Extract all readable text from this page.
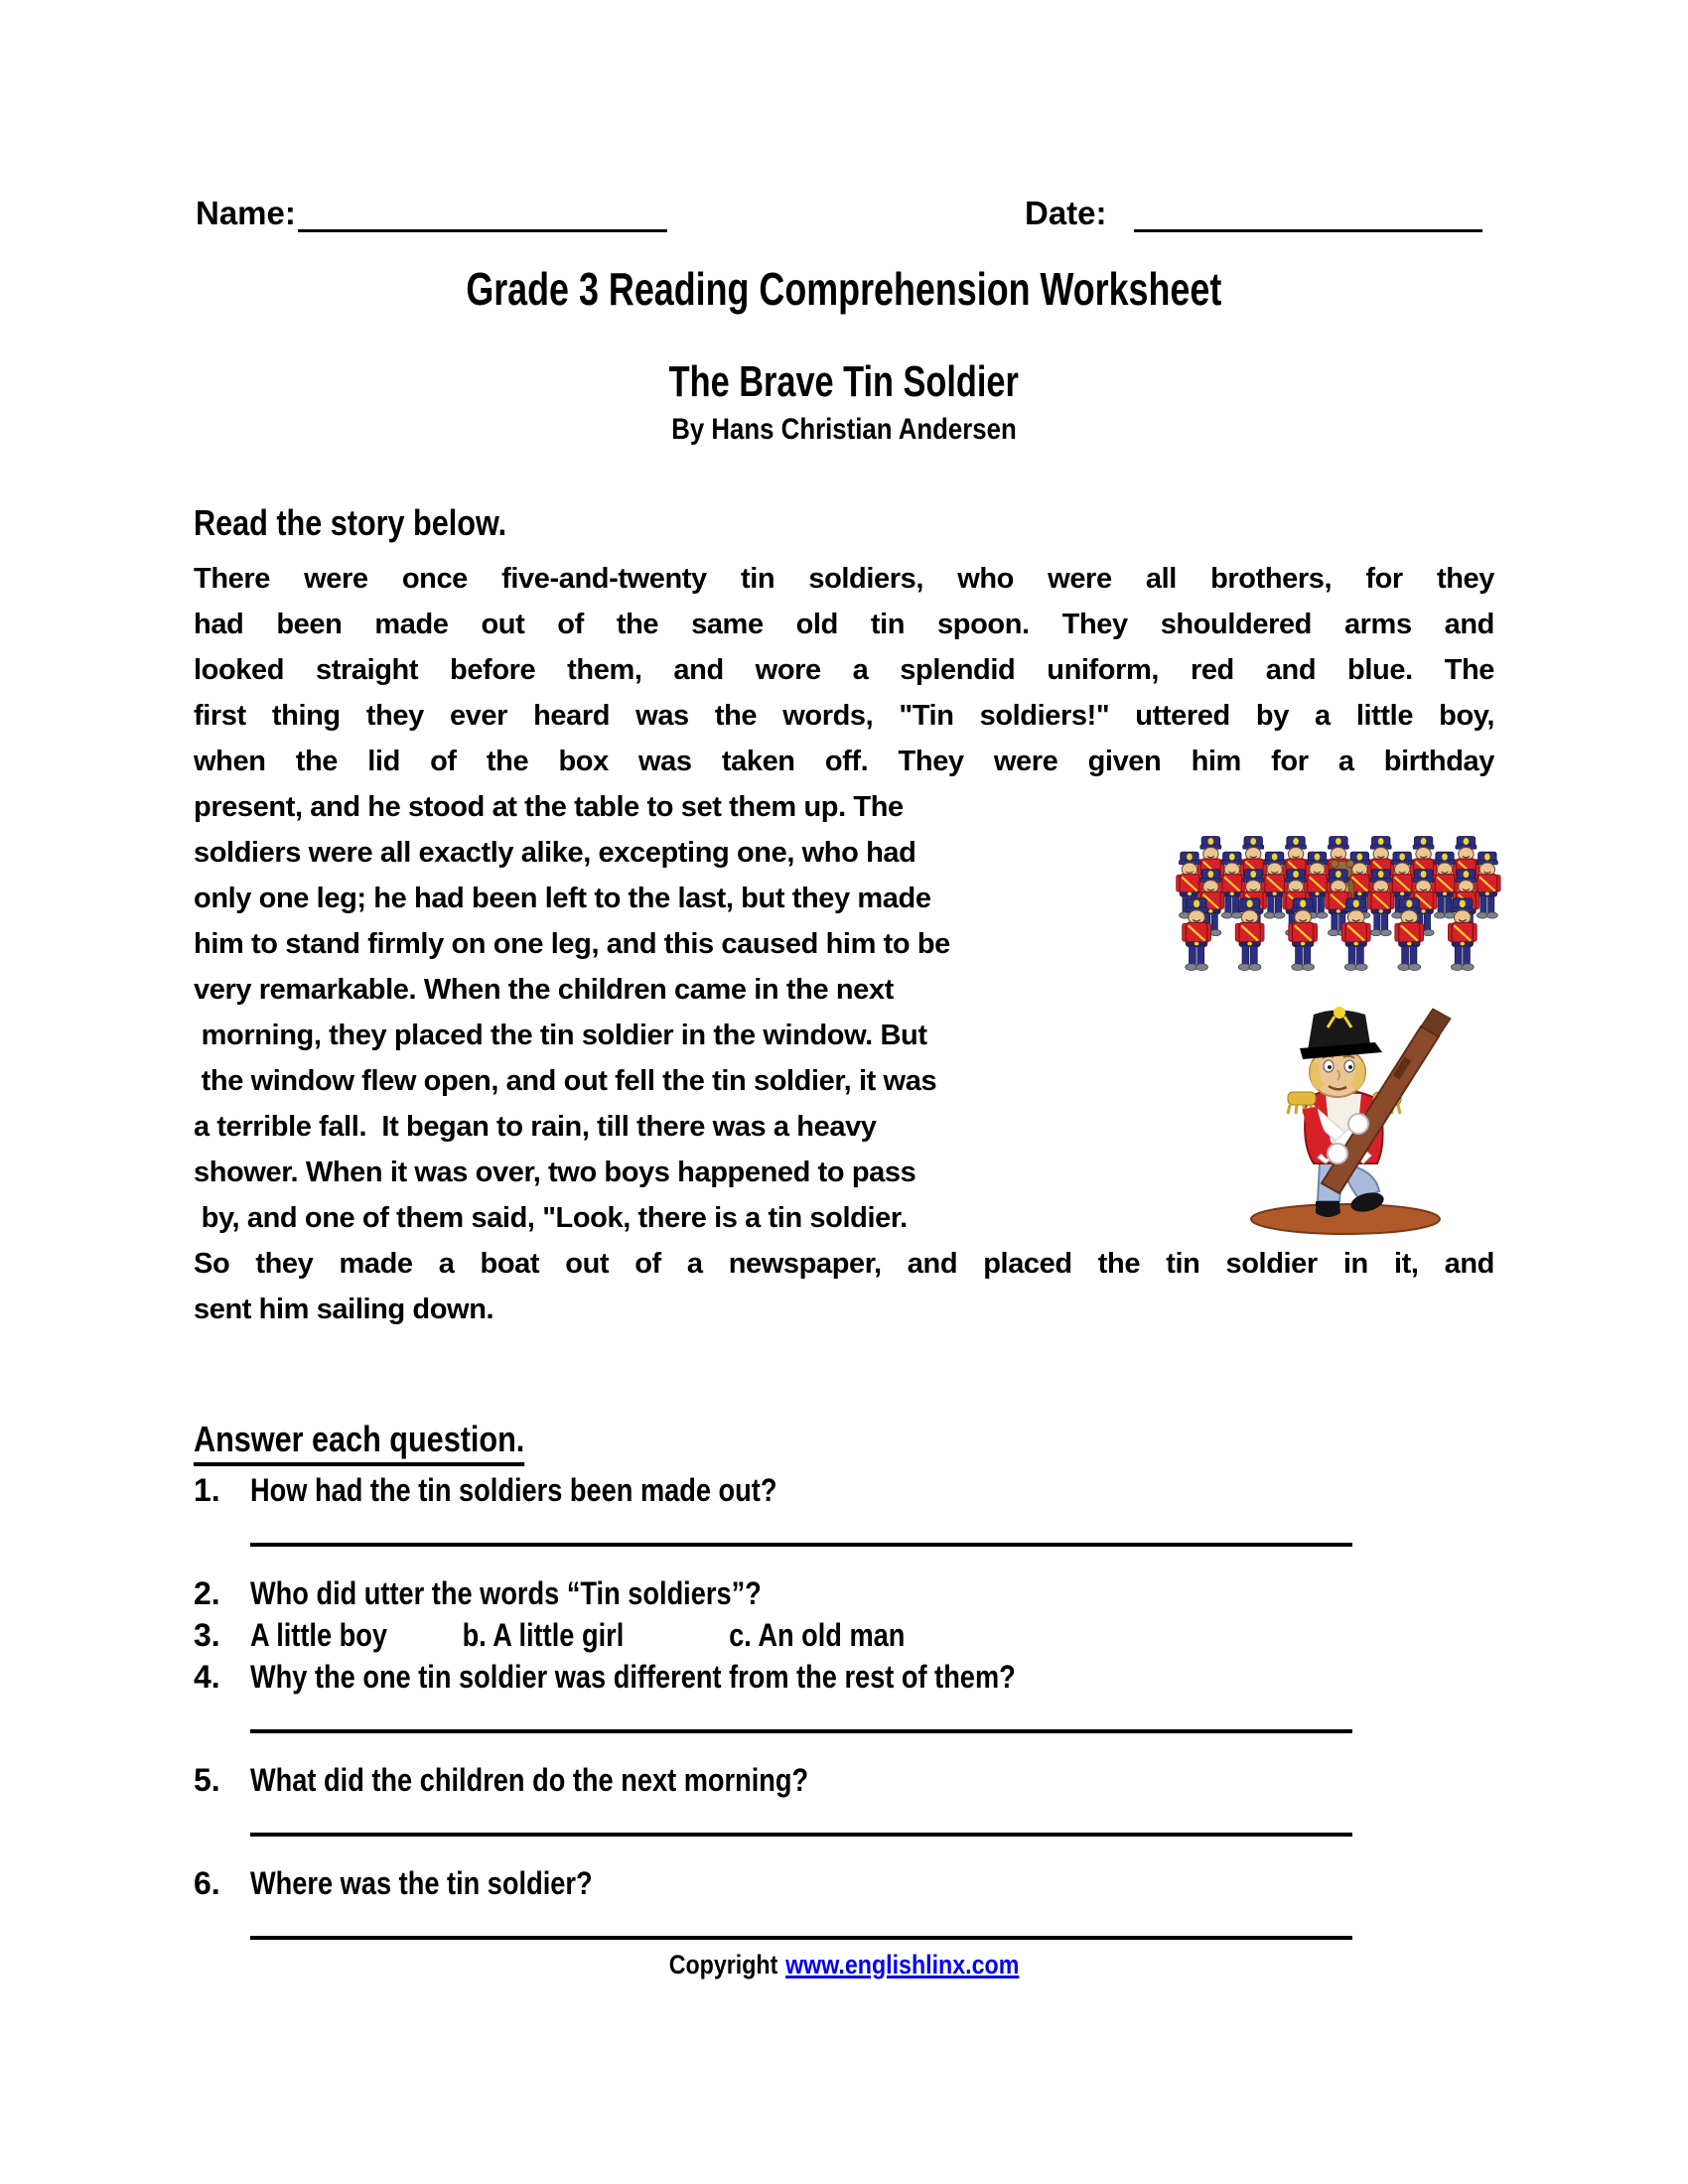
Name:	Date:
Grade 3 Reading Comprehension Worksheet
The Brave Tin Soldier
By Hans Christian Andersen
Read the story below.
There were once five-and-twenty tin soldiers, who were all brothers, for they
had been made out of the same old tin spoon. They shouldered arms and
looked straight before them, and wore a splendid uniform, red and blue. The
first thing they ever heard was the words, "Tin soldiers!" uttered by a little boy,
when the lid of the box was taken off. They were given him for a birthday
present, and he stood at the table to set them up. The
soldiers were all exactly alike, excepting one, who had
only one leg; he had been left to the last, but they made
him to stand firmly on one leg, and this caused him to be
very remarkable. When the children came in the next
morning, they placed the tin soldier in the window. But
the window flew open, and out fell the tin soldier, it was
a terrible fall.  It began to rain, till there was a heavy
shower. When it was over, two boys happened to pass
by, and one of them said, "Look, there is a tin soldier.
So they made a boat out of a newspaper, and placed the tin soldier in it, and
sent him sailing down.
Answer each question.
1. How had the tin soldiers been made out?
2. Who did utter the words “Tin soldiers”?
3. A little boy          b. A little girl              c. An old man
4. Why the one tin soldier was different from the rest of them?
5. What did the children do the next morning?
6. Where was the tin soldier?
Copyright www.englishlinx.com
